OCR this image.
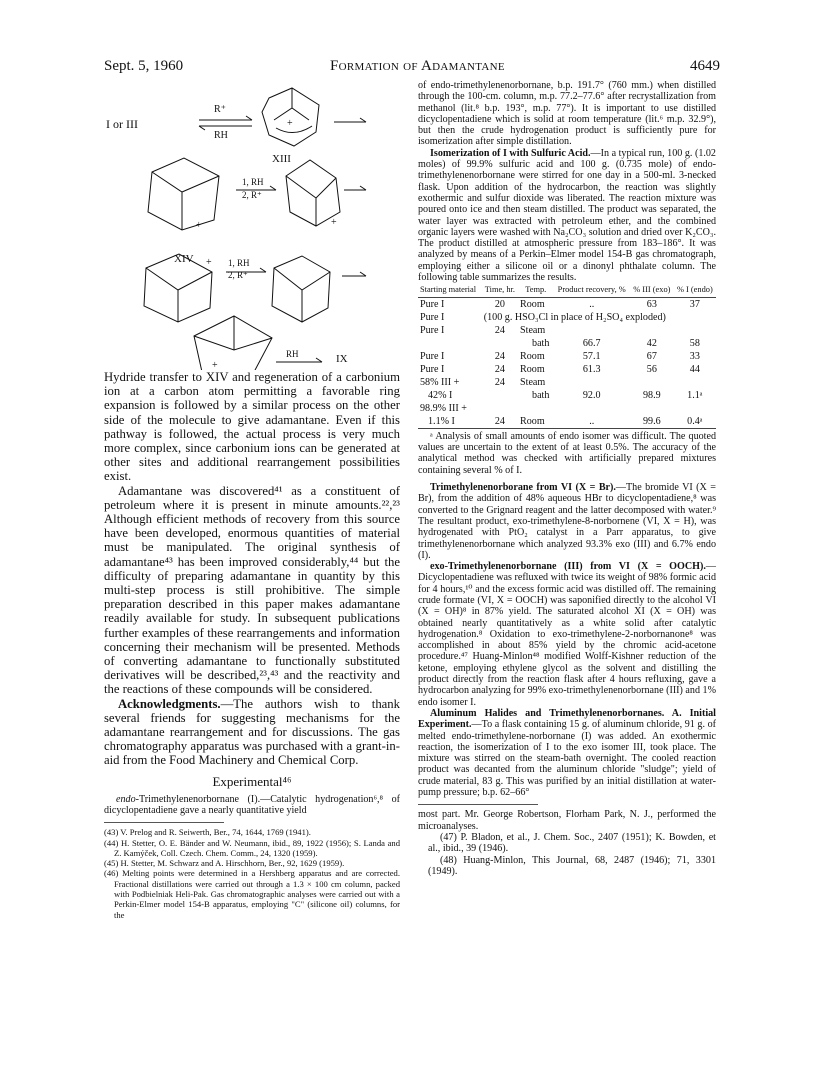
Sept. 5, 1960	Formation of Adamantane	4649
I or III
R⁺
RH
XIII
1, RH
2, R⁺
XIV	1, RH
2, R⁺
RH	IX
+
+	+
+
+

Hydride transfer to XIV and regeneration of a carbonium ion at a carbon atom permitting a favorable ring expansion is followed by a similar process on the other side of the molecule to give adamantane. Even if this pathway is followed, the actual process is very much more complex, since carbonium ions can be generated at other sites and additional rearrangement possibilities exist.

Adamantane was discovered⁴¹ as a constituent of petroleum where it is present in minute amounts.²²,²³ Although efficient methods of recovery from this source have been developed, enormous quantities of material must be manipulated. The original synthesis of adamantane⁴³ has been improved considerably,⁴⁴ but the difficulty of preparing adamantane in quantity by this multi-step process is still prohibitive. The simple preparation described in this paper makes adamantane readily available for study. In subsequent publications further examples of these rearrangements and information concerning their mechanism will be presented. Methods of converting adamantane to functionally substituted derivatives will be described,²³,⁴³ and the reactivity and the reactions of these compounds will be considered.

Acknowledgments.—The authors wish to thank several friends for suggesting mechanisms for the adamantane rearrangement and for discussions. The gas chromatography apparatus was purchased with a grant-in-aid from the Food Machinery and Chemical Corp.

Experimental⁴⁶

endo-Trimethylenenorbornane (I).—Catalytic hydrogenation⁶,⁸ of dicyclopentadiene gave a nearly quantitative yield

(43) V. Prelog and R. Seiwerth, Ber., 74, 1644, 1769 (1941).

(44) H. Stetter, O. E. Bänder and W. Neumann, ibid., 89, 1922 (1956); S. Landa and Z. Kamýček, Coll. Czech. Chem. Comm., 24, 1320 (1959).

(45) H. Stetter, M. Schwarz and A. Hirschhorn, Ber., 92, 1629 (1959).

(46) Melting points were determined in a Hershberg apparatus and are corrected. Fractional distillations were carried out through a 1.3 × 100 cm column, packed with Podbielniak Heli-Pak. Gas chromatographic analyses were carried out with a Perkin-Elmer model 154-B apparatus, employing "C" (silicone oil) columns, for the

of endo-trimethylenenorbornane, b.p. 191.7° (760 mm.) when distilled through the 100-cm. column, m.p. 77.2–77.6° after recrystallization from methanol (lit.⁸ b.p. 193°, m.p. 77°). It is important to use distilled dicyclopentadiene which is solid at room temperature (lit.⁶ m.p. 32.9°), but then the crude hydrogenation product is sufficiently pure for isomerization after simple distillation.

Isomerization of I with Sulfuric Acid.—In a typical run, 100 g. (1.02 moles) of 99.9% sulfuric acid and 100 g. (0.735 mole) of endo-trimethylenenorbornane were stirred for one day in a 500-ml. 3-necked flask. Upon addition of the hydrocarbon, the reaction was slightly exothermic and sulfur dioxide was liberated. The reaction mixture was poured onto ice and then steam distilled. The product was separated, the water layer was extracted with petroleum ether, and the combined organic layers were washed with Na₂CO₃ solution and dried over K₂CO₃. The product distilled at atmospheric pressure from 183–186°. It was analyzed by means of a Perkin–Elmer model 154-B gas chromatograph, employing either a silicone oil or a dinonyl phthalate column. The following table summarizes the results.

Starting material	Time, hr.	Temp.	Product recovery, %	% III (exo)	% I (endo)
Pure I	20	Room	..	63	37
Pure I	(100 g. HSO₃Cl in place of H₂SO₄ exploded)				
Pure I	24	Steam			
		bath	66.7	42	58
Pure I	24	Room	57.1	67	33
Pure I	24	Room	61.3	56	44
58% III +	24	Steam			
42% I		bath	92.0	98.9	1.1ᵃ
98.9% III +					
1.1% I	24	Room	..	99.6	0.4ᵃ

ᵃ Analysis of small amounts of endo isomer was difficult. The quoted values are uncertain to the extent of at least 0.5%. The accuracy of the analytical method was checked with artificially prepared mixtures containing several % of I.

Trimethylenenorborane from VI (X = Br).—The bromide VI (X = Br), from the addition of 48% aqueous HBr to dicyclopentadiene,⁸ was converted to the Grignard reagent and the latter decomposed with water.⁹ The resultant product, exo-trimethylene-8-norbornene (VI, X = H), was hydrogenated with PtO₂ catalyst in a Parr apparatus, to give trimethylenenorbornane which analyzed 93.3% exo (III) and 6.7% endo (I).

exo-Trimethylenenorbornane (III) from VI (X = OOCH).—Dicyclopentadiene was refluxed with twice its weight of 98% formic acid for 4 hours,¹⁰ and the excess formic acid was distilled off. The remaining crude formate (VI, X = OOCH) was saponified directly to the alcohol VI (X = OH)⁸ in 87% yield. The saturated alcohol XI (X = OH) was obtained nearly quantitatively as a white solid after catalytic hydrogenation.⁸ Oxidation to exo-trimethylene-2-norbornanone⁸ was accomplished in about 85% yield by the chromic acid-acetone procedure.⁴⁷ Huang-Minlon⁴⁸ modified Wolff-Kishner reduction of the ketone, employing ethylene glycol as the solvent and distilling the product directly from the reaction flask after 4 hours refluxing, gave a hydrocarbon analyzing for 99% exo-trimethylenenorbornane (III) and 1% endo isomer I.

Aluminum Halides and Trimethylenenorbornanes. A. Initial Experiment.—To a flask containing 15 g. of aluminum chloride, 91 g. of melted endo-trimethylene-norbornane (I) was added. An exothermic reaction, the isomerization of I to the exo isomer III, took place. The mixture was stirred on the steam-bath overnight. The cooled reaction product was decanted from the aluminum chloride "sludge"; yield of crude material, 83 g. This was purified by an initial distillation at water-pump pressure; b.p. 62–66°

most part. Mr. George Robertson, Florham Park, N. J., performed the microanalyses.

(47) P. Bladon, et al., J. Chem. Soc., 2407 (1951); K. Bowden, et al., ibid., 39 (1946).

(48) Huang-Minlon, This Journal, 68, 2487 (1946); 71, 3301 (1949).
